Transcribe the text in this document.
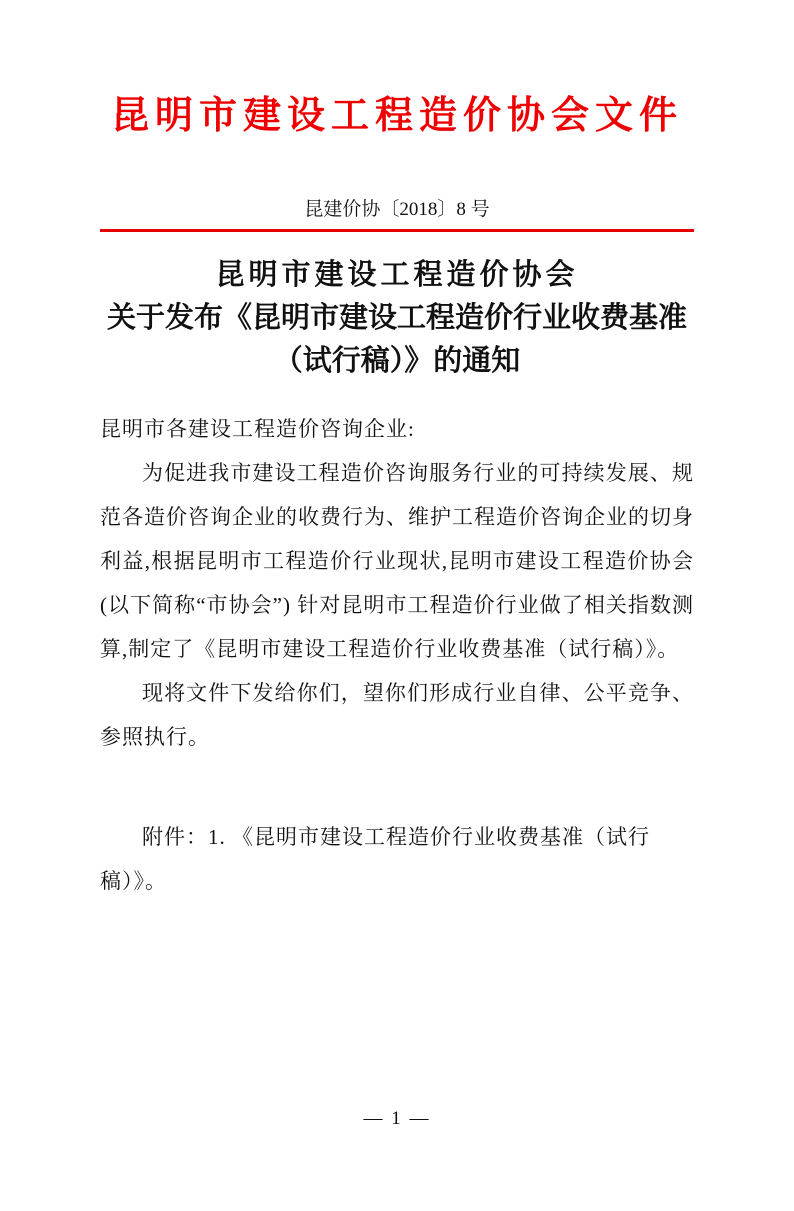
昆明市建设工程造价协会文件
昆建价协〔2018〕8 号
昆明市建设工程造价协会
关于发布《昆明市建设工程造价行业收费基准
（试行稿）》的通知
昆明市各建设工程造价咨询企业:

为促进我市建设工程造价咨询服务行业的可持续发展、规范各造价咨询企业的收费行为、维护工程造价咨询企业的切身利益,根据昆明市工程造价行业现状,昆明市建设工程造价协会(以下简称“市协会”) 针对昆明市工程造价行业做了相关指数测算,制定了《昆明市建设工程造价行业收费基准（试行稿）》。

现将文件下发给你们，望你们形成行业自律、公平竞争、参照执行。

附件：1. 《昆明市建设工程造价行业收费基准（试行稿）》。

— 1 —
